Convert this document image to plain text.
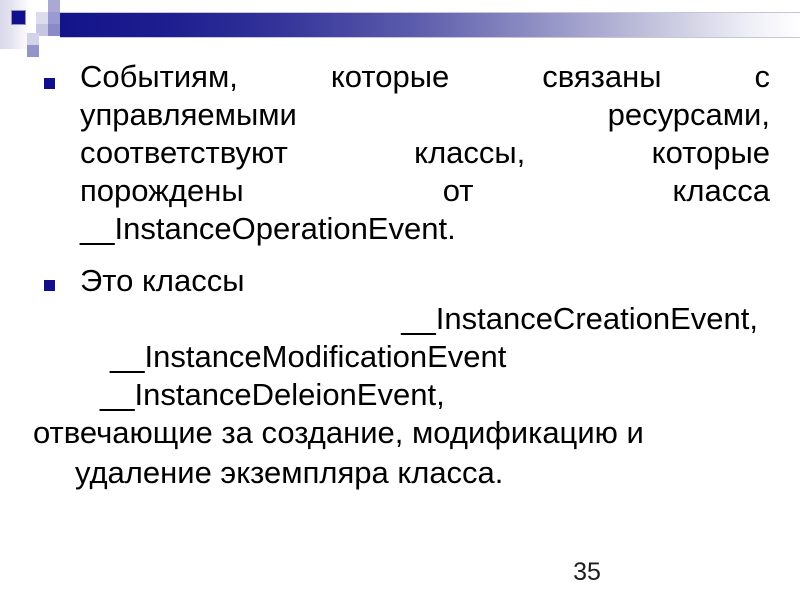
Событиям, которые связаны с
управляемыми ресурсами,
соответствуют классы, которые
порождены от класса
__InstanceOperationEvent.
Это классы
__InstanceCreationEvent,
__InstanceModificationEvent
__InstanceDeleionEvent,
отвечающие за создание, модификацию и
удаление экземпляра класса.
35
